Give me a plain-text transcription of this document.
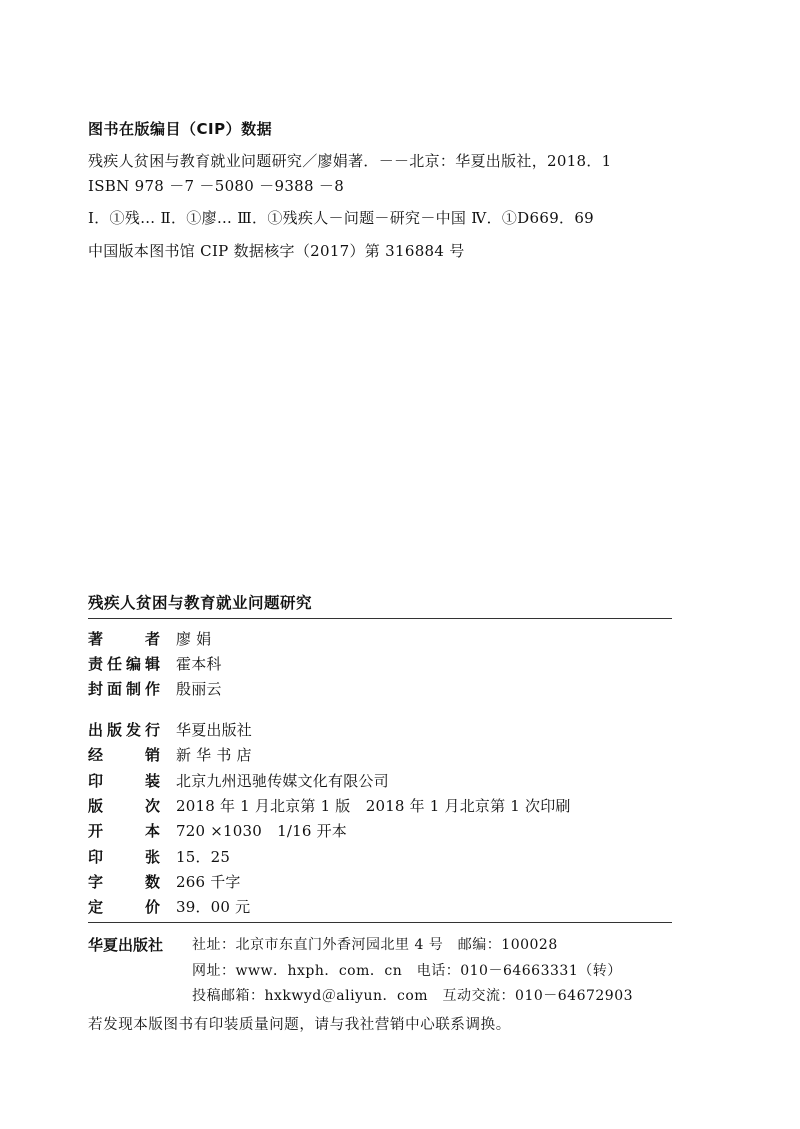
图书在版编目（CIP）数据
残疾人贫困与教育就业问题研究／廖娟著．－－北京：华夏出版社，2018．1
ISBN 978 －7 －5080 －9388 －8
Ⅰ．①残… Ⅱ．①廖… Ⅲ．①残疾人－问题－研究－中国 Ⅳ．①D669．69
中国版本图书馆 CIP 数据核字（2017）第 316884 号
残疾人贫困与教育就业问题研究
著	者 廖 娟
责 任 编 辑 霍本科
封 面 制 作 殷丽云
出 版 发 行 华夏出版社
经	销 新 华 书 店
印	装 北京九州迅驰传媒文化有限公司
版	次 2018 年 1 月北京第 1 版　2018 年 1 月北京第 1 次印刷
开	本 720 ×1030　1/16 开本
印	张 15．25
字	数 266 千字
定	价 39．00 元
华夏出版社 社址：北京市东直门外香河园北里 4 号　邮编：100028
网址：www．hxph．com．cn　电话：010－64663331（转）
投稿邮箱：hxkwyd＠aliyun．com　互动交流：010－64672903
若发现本版图书有印装质量问题，请与我社营销中心联系调换。
